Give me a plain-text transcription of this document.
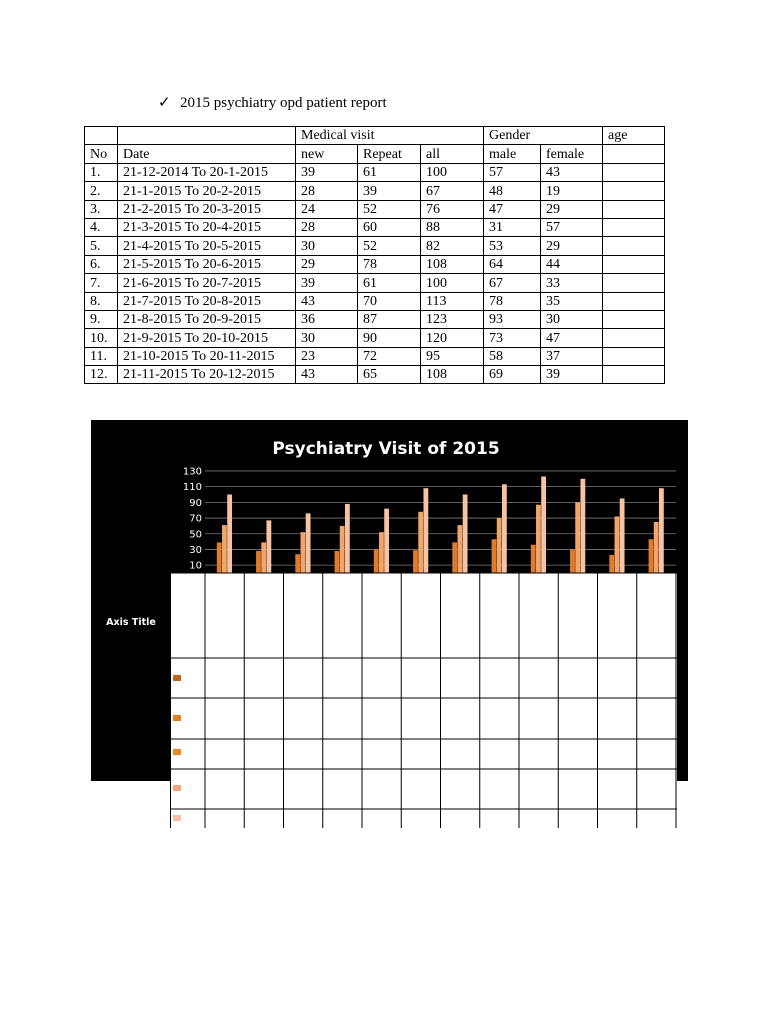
✓ 2015 psychiatry opd patient report
		Medical visit			Gender		age
No	Date	new	Repeat	all	male	female	
1.	21-12-2014 To 20-1-2015	39	61	100	57	43	
2.	21-1-2015 To 20-2-2015	28	39	67	48	19	
3.	21-2-2015 To 20-3-2015	24	52	76	47	29	
4.	21-3-2015 To 20-4-2015	28	60	88	31	57	
5.	21-4-2015 To 20-5-2015	30	52	82	53	29	
6.	21-5-2015 To 20-6-2015	29	78	108	64	44	
7.	21-6-2015 To 20-7-2015	39	61	100	67	33	
8.	21-7-2015 To 20-8-2015	43	70	113	78	35	
9.	21-8-2015 To 20-9-2015	36	87	123	93	30	
10.	21-9-2015 To 20-10-2015	30	90	120	73	47	
11.	21-10-2015 To 20-11-2015	23	72	95	58	37	
12.	21-11-2015 To 20-12-2015	43	65	108	69	39	
Psychiatry Visit of 2015
10
30
50
70
90
110
130
Axis Title
